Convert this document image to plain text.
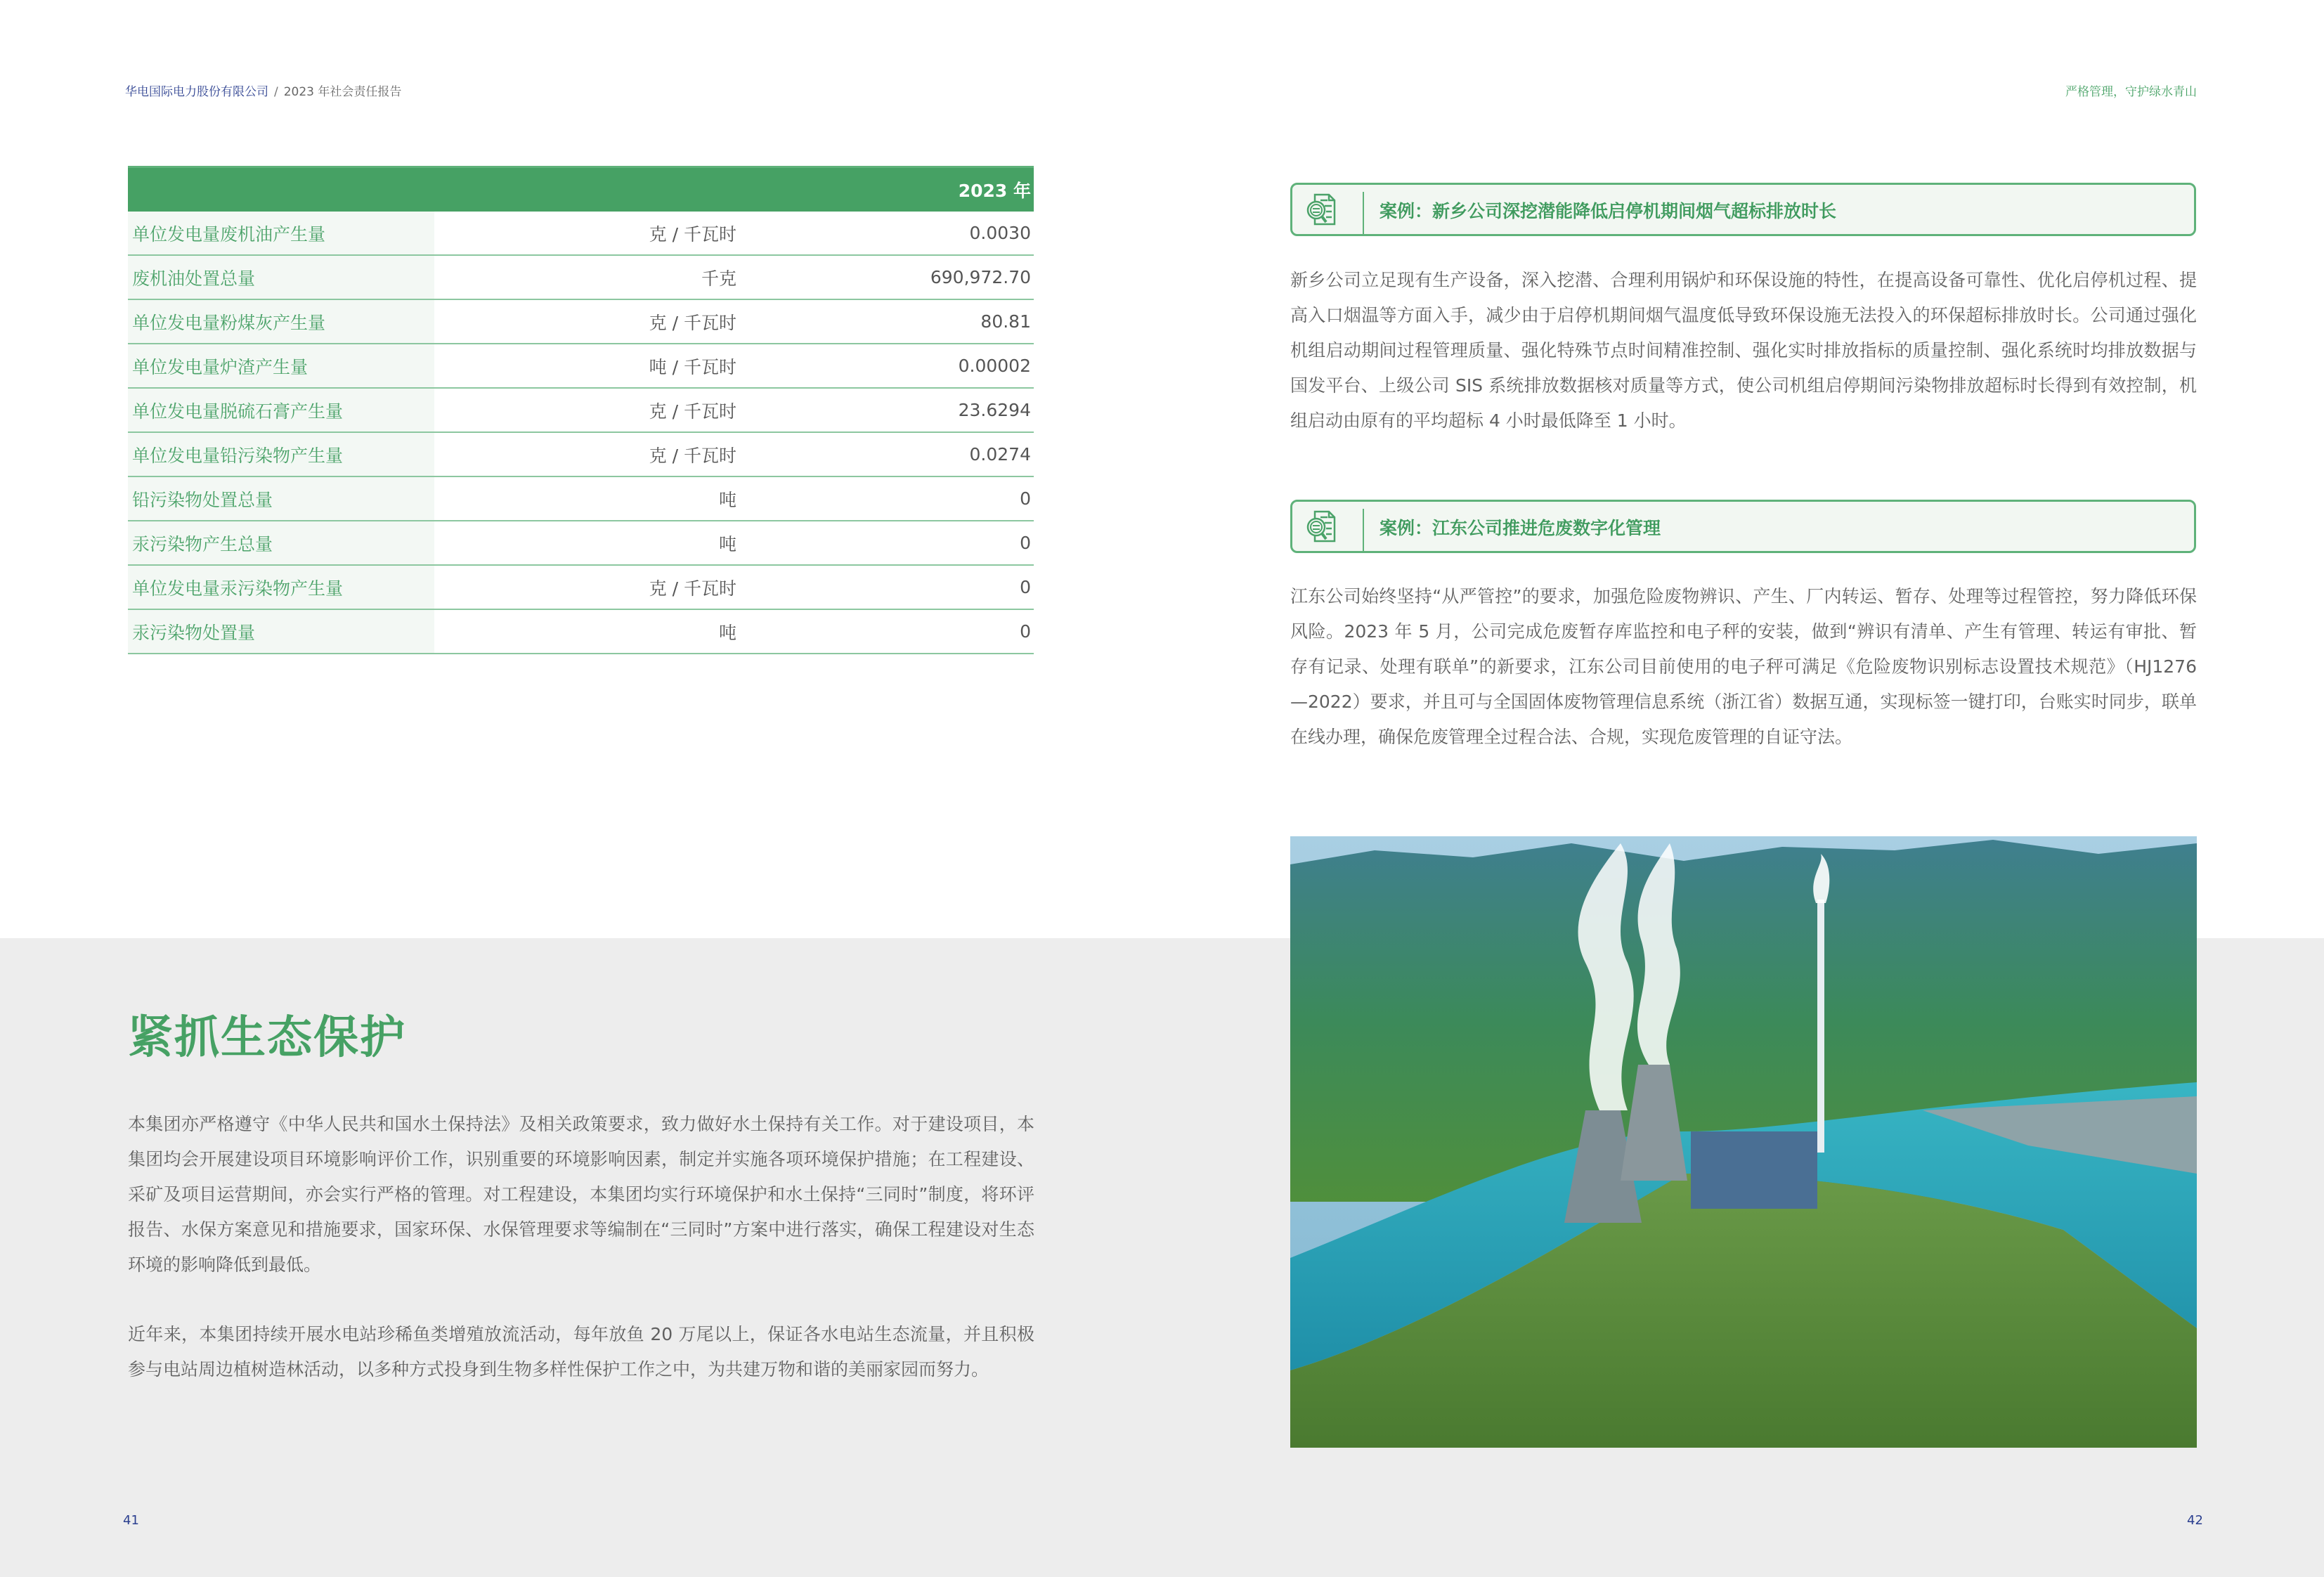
华电国际电力股份有限公司 / 2023 年社会责任报告	严格管理，守护绿水青山
		2023 年
单位发电量废机油产生量	克 / 千瓦时	0.0030
废机油处置总量	千克	690,972.70
单位发电量粉煤灰产生量	克 / 千瓦时	80.81
单位发电量炉渣产生量	吨 / 千瓦时	0.00002
单位发电量脱硫石膏产生量	克 / 千瓦时	23.6294
单位发电量铅污染物产生量	克 / 千瓦时	0.0274
铅污染物处置总量	吨	0
汞污染物产生总量	吨	0
单位发电量汞污染物产生量	克 / 千瓦时	0
汞污染物处置量	吨	0
案例：新乡公司深挖潜能降低启停机期间烟气超标排放时长
新乡公司立足现有生产设备，深入挖潜、合理利用锅炉和环保设施的特性，在提高设备可靠性、优化启停机过程、提高入口烟温等方面入手，减少由于启停机期间烟气温度低导致环保设施无法投入的环保超标排放时长。公司通过强化机组启动期间过程管理质量、强化特殊节点时间精准控制、强化实时排放指标的质量控制、强化系统时均排放数据与国发平台、上级公司 SIS 系统排放数据核对质量等方式，使公司机组启停期间污染物排放超标时长得到有效控制，机组启动由原有的平均超标 4 小时最低降至 1 小时。
案例：江东公司推进危废数字化管理
江东公司始终坚持“从严管控”的要求，加强危险废物辨识、产生、厂内转运、暂存、处理等过程管控，努力降低环保风险。2023 年 5 月，公司完成危废暂存库监控和电子秤的安装，做到“辨识有清单、产生有管理、转运有审批、暂存有记录、处理有联单”的新要求，江东公司目前使用的电子秤可满足《危险废物识别标志设置技术规范》（HJ1276—2022）要求，并且可与全国固体废物管理信息系统（浙江省）数据互通，实现标签一键打印，台账实时同步，联单在线办理，确保危废管理全过程合法、合规，实现危废管理的自证守法。
紧抓生态保护
本集团亦严格遵守《中华人民共和国水土保持法》及相关政策要求，致力做好水土保持有关工作。对于建设项目，本集团均会开展建设项目环境影响评价工作，识别重要的环境影响因素，制定并实施各项环境保护措施；在工程建设、采矿及项目运营期间，亦会实行严格的管理。对工程建设，本集团均实行环境保护和水土保持“三同时”制度，将环评报告、水保方案意见和措施要求，国家环保、水保管理要求等编制在“三同时”方案中进行落实，确保工程建设对生态环境的影响降低到最低。
近年来，本集团持续开展水电站珍稀鱼类增殖放流活动，每年放鱼 20 万尾以上，保证各水电站生态流量，并且积极参与电站周边植树造林活动，以多种方式投身到生物多样性保护工作之中，为共建万物和谐的美丽家园而努力。
41	42
